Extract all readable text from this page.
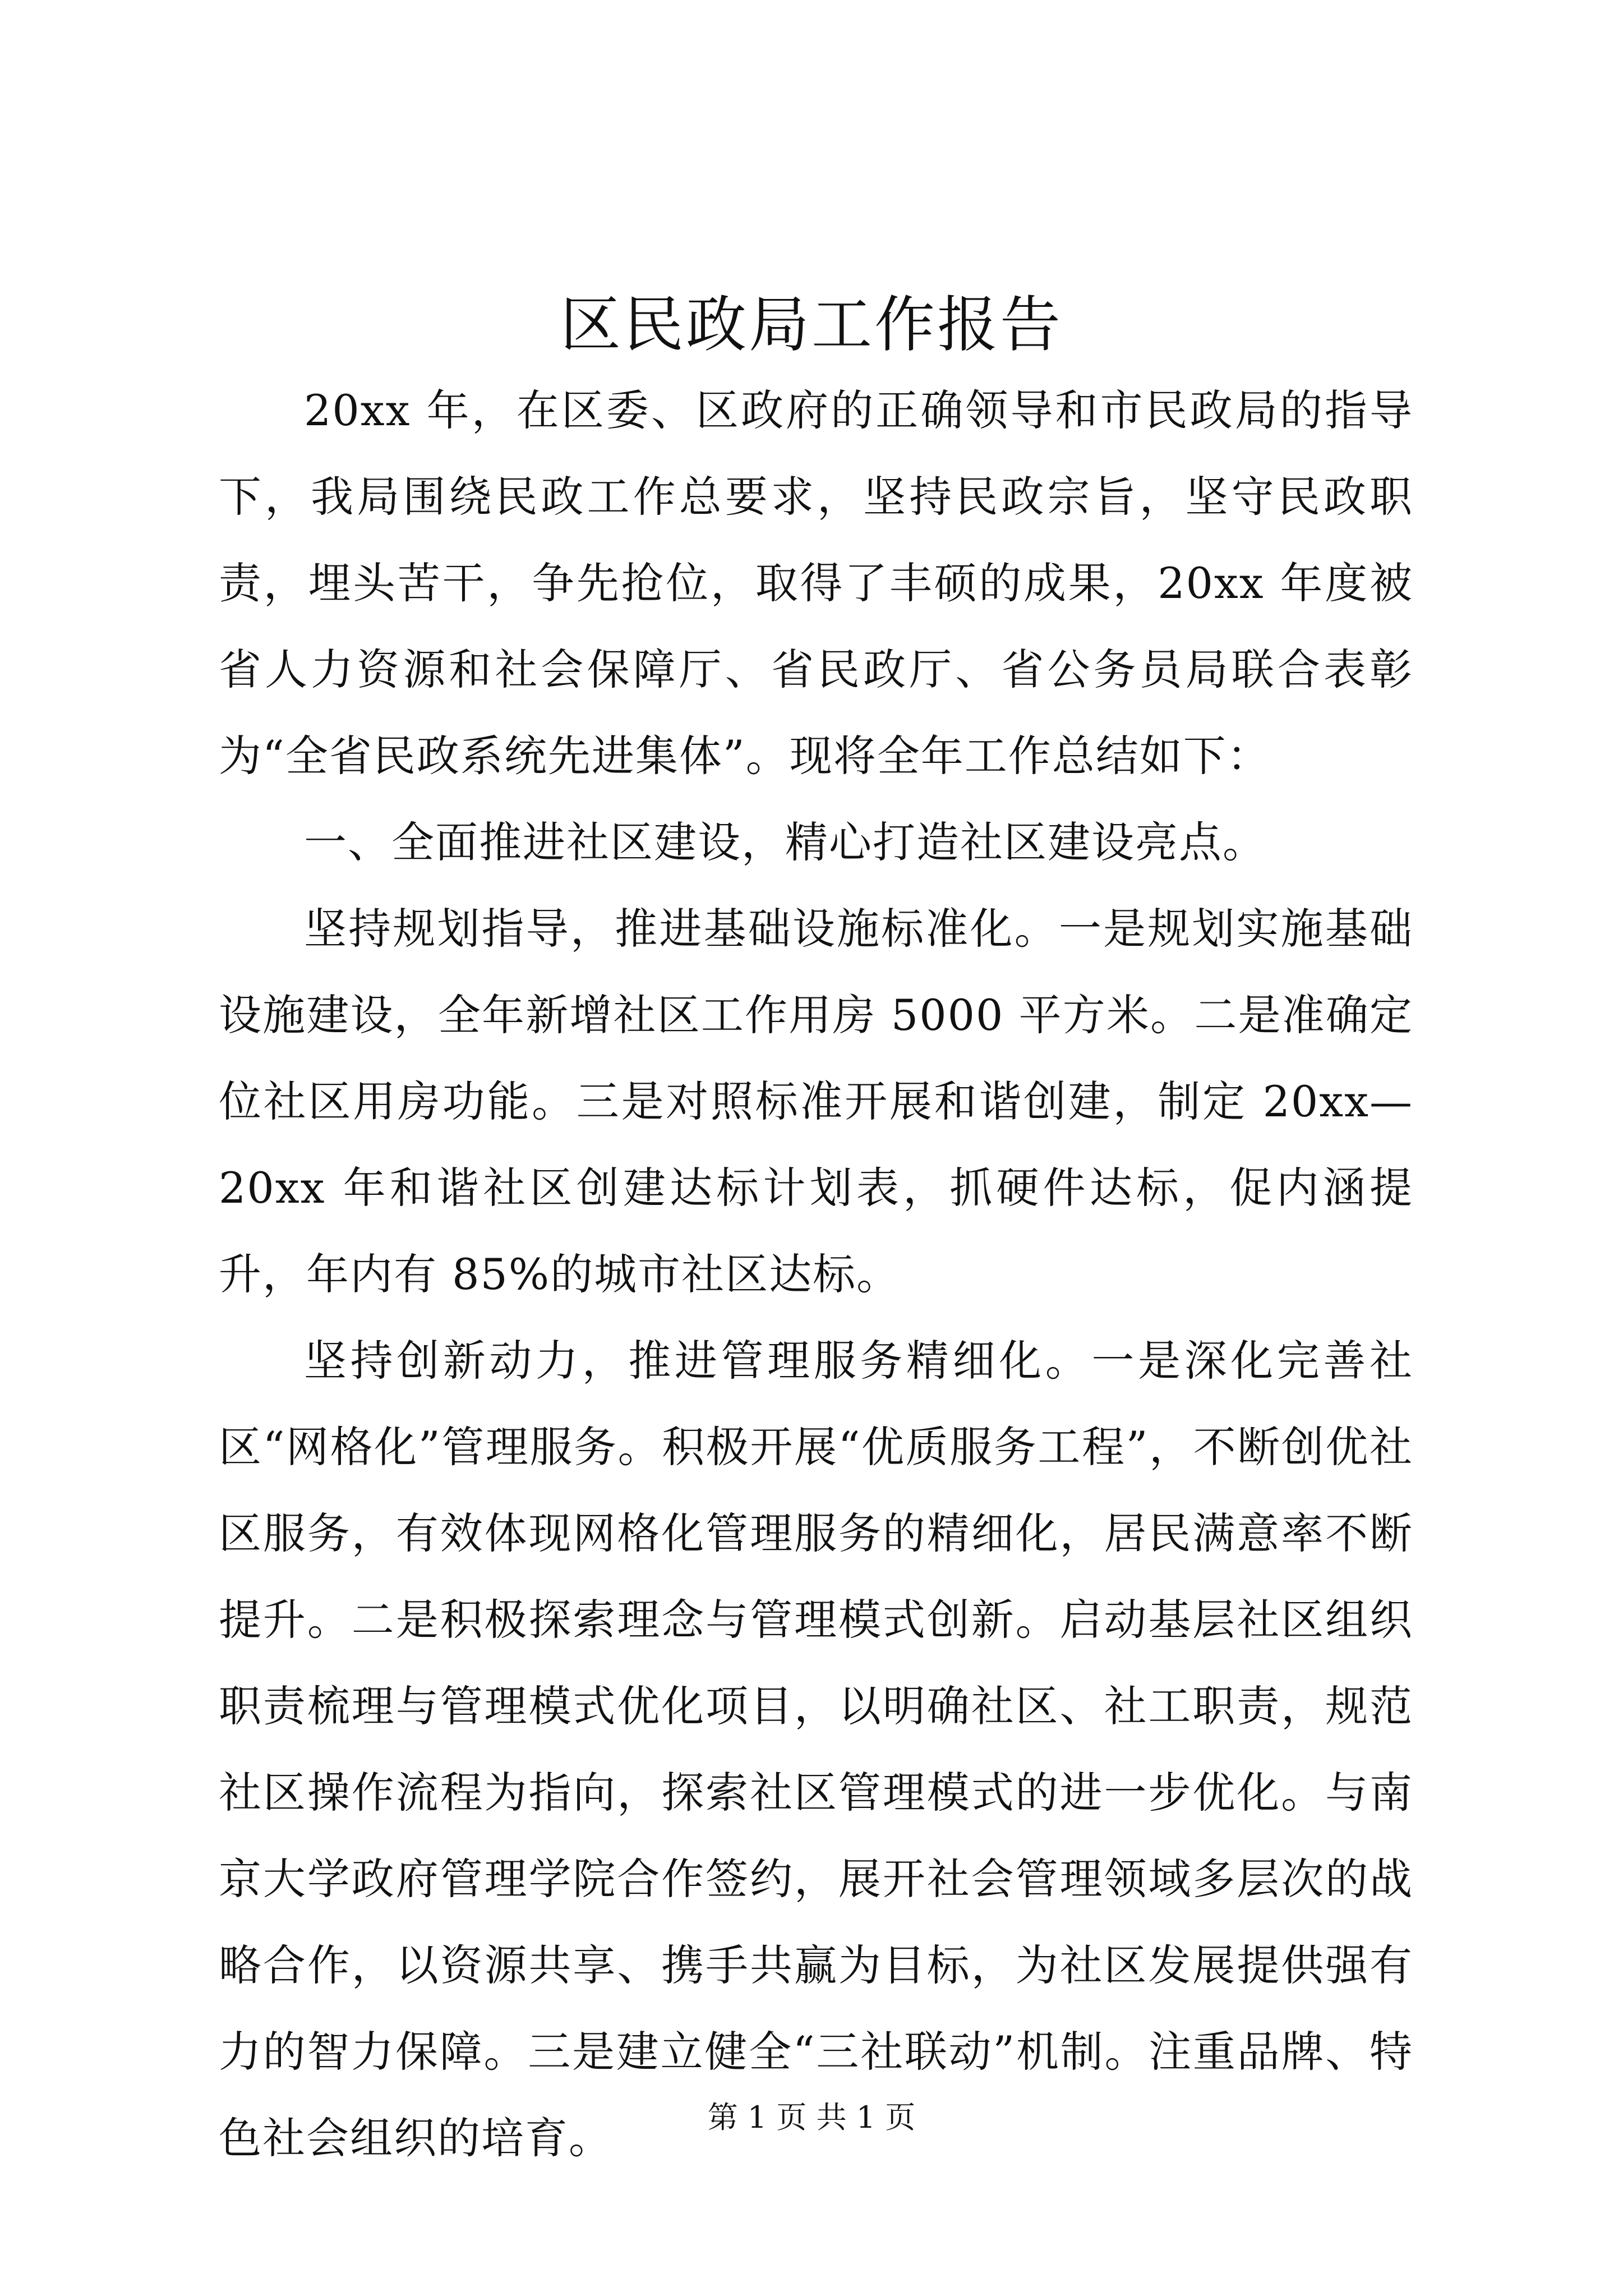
区民政局工作报告

20xx 年，在区委、区政府的正确领导和市民政局的指导下，我局围绕民政工作总要求，坚持民政宗旨，坚守民政职责，埋头苦干，争先抢位，取得了丰硕的成果，20xx 年度被省人力资源和社会保障厅、省民政厅、省公务员局联合表彰为“全省民政系统先进集体”。现将全年工作总结如下：

一、全面推进社区建设，精心打造社区建设亮点。

坚持规划指导，推进基础设施标准化。一是规划实施基础设施建设，全年新增社区工作用房 5000 平方米。二是准确定位社区用房功能。三是对照标准开展和谐创建，制定 20xx—20xx 年和谐社区创建达标计划表，抓硬件达标，促内涵提升，年内有 85%的城市社区达标。

坚持创新动力，推进管理服务精细化。一是深化完善社区“网格化”管理服务。积极开展“优质服务工程”，不断创优社区服务，有效体现网格化管理服务的精细化，居民满意率不断提升。二是积极探索理念与管理模式创新。启动基层社区组织职责梳理与管理模式优化项目，以明确社区、社工职责，规范社区操作流程为指向，探索社区管理模式的进一步优化。与南京大学政府管理学院合作签约，展开社会管理领域多层次的战略合作，以资源共享、携手共赢为目标，为社区发展提供强有力的智力保障。三是建立健全“三社联动”机制。注重品牌、特色社会组织的培育。	第 1 页 共 1 页
